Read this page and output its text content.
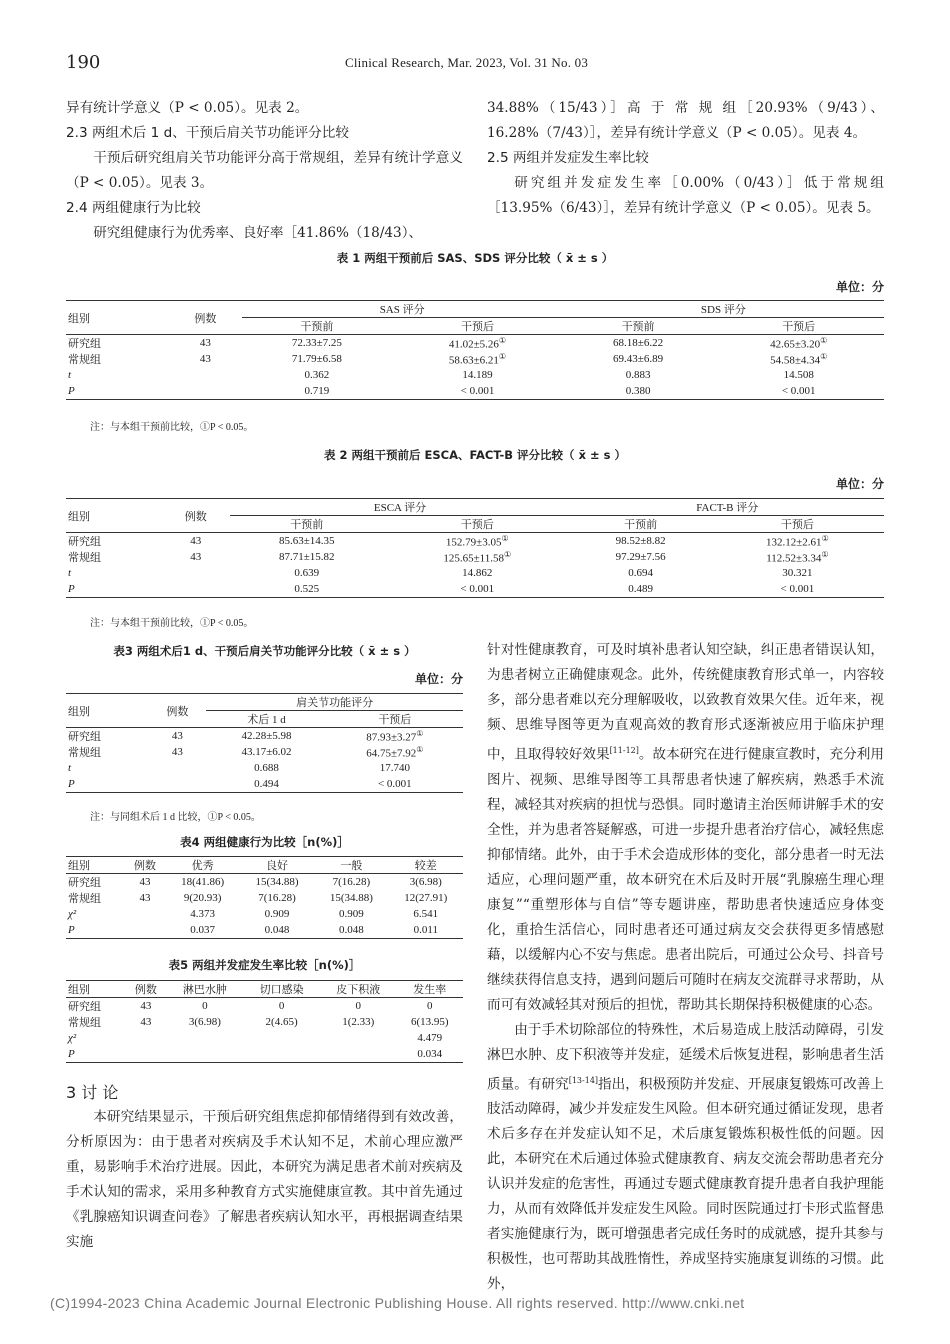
190	Clinical Research, Mar. 2023, Vol. 31 No. 03
异有统计学意义（P < 0.05）。见表 2。
2.3 两组术后 1 d、干预后肩关节功能评分比较
干预后研究组肩关节功能评分高于常规组，差异有统计学意义（P < 0.05）。见表 3。
2.4 两组健康行为比较
研究组健康行为优秀率、良好率［41.86%（18/43）、
34.88%（15/43）］高 于 常 规 组［20.93%（9/43）、16.28%（7/43）］，差异有统计学意义（P < 0.05）。见表 4。
2.5 两组并发症发生率比较
研究组并发症发生率［0.00%（0/43）］低于常规组［13.95%（6/43）］，差异有统计学意义（P < 0.05）。见表 5。
表 1 两组干预前后 SAS、SDS 评分比较（ x̄ ± s ）
单位：分
组别	例数	SAS 评分		SDS 评分	
		干预前	干预后	干预前	干预后
研究组	43	72.33±7.25	41.02±5.26①	68.18±6.22	42.65±3.20①
常规组	43	71.79±6.58	58.63±6.21①	69.43±6.89	54.58±4.34①
t		0.362	14.189	0.883	14.508
P		0.719	< 0.001	0.380	< 0.001
注：与本组干预前比较，①P < 0.05。
表 2 两组干预前后 ESCA、FACT-B 评分比较（ x̄ ± s ）
单位：分
组别	例数	ESCA 评分		FACT-B 评分	
		干预前	干预后	干预前	干预后
研究组	43	85.63±14.35	152.79±3.05①	98.52±8.82	132.12±2.61①
常规组	43	87.71±15.82	125.65±11.58①	97.29±7.56	112.52±3.34①
t		0.639	14.862	0.694	30.321
P		0.525	< 0.001	0.489	< 0.001
注：与本组干预前比较，①P < 0.05。
表3 两组术后1 d、干预后肩关节功能评分比较（ x̄ ± s ）
单位：分
组别	例数	肩关节功能评分	
		术后 1 d	干预后
研究组	43	42.28±5.98	87.93±3.27①
常规组	43	43.17±6.02	64.75±7.92①
t		0.688	17.740
P		0.494	< 0.001
注：与同组术后 1 d 比较，①P < 0.05。
表4 两组健康行为比较［n(%)］
组别	例数	优秀	良好	一般	较差
研究组	43	18(41.86)	15(34.88)	7(16.28)	3(6.98)
常规组	43	9(20.93)	7(16.28)	15(34.88)	12(27.91)
χ²		4.373	0.909	0.909	6.541
P		0.037	0.048	0.048	0.011
表5 两组并发症发生率比较［n(%)］
组别	例数	淋巴水肿	切口感染	皮下积液	发生率
研究组	43	0	0	0	0
常规组	43	3(6.98)	2(4.65)	1(2.33)	6(13.95)
χ²					4.479
P					0.034
3 讨 论
本研究结果显示，干预后研究组焦虑抑郁情绪得到有效改善，分析原因为：由于患者对疾病及手术认知不足，术前心理应激严重，易影响手术治疗进展。因此，本研究为满足患者术前对疾病及手术认知的需求，采用多种教育方式实施健康宣教。其中首先通过《乳腺癌知识调查问卷》了解患者疾病认知水平，再根据调查结果实施
针对性健康教育，可及时填补患者认知空缺，纠正患者错误认知，为患者树立正确健康观念。此外，传统健康教育形式单一，内容较多，部分患者难以充分理解吸收，以致教育效果欠佳。近年来，视频、思维导图等更为直观高效的教育形式逐渐被应用于临床护理中，且取得较好效果[11-12]。故本研究在进行健康宣教时，充分利用图片、视频、思维导图等工具帮患者快速了解疾病，熟悉手术流程，减轻其对疾病的担忧与恐惧。同时邀请主治医师讲解手术的安全性，并为患者答疑解惑，可进一步提升患者治疗信心，减轻焦虑抑郁情绪。此外，由于手术会造成形体的变化，部分患者一时无法适应，心理问题严重，故本研究在术后及时开展“乳腺癌生理心理康复”“重塑形体与自信”等专题讲座，帮助患者快速适应身体变化，重拾生活信心，同时患者还可通过病友交会获得更多情感慰藉，以缓解内心不安与焦虑。患者出院后，可通过公众号、抖音号继续获得信息支持，遇到问题后可随时在病友交流群寻求帮助，从而可有效减轻其对预后的担忧，帮助其长期保持积极健康的心态。
由于手术切除部位的特殊性，术后易造成上肢活动障碍，引发淋巴水肿、皮下积液等并发症，延缓术后恢复进程，影响患者生活质量。有研究[13-14]指出，积极预防并发症、开展康复锻炼可改善上肢活动障碍，减少并发症发生风险。但本研究通过循证发现，患者术后多存在并发症认知不足，术后康复锻炼积极性低的问题。因此，本研究在术后通过体验式健康教育、病友交流会帮助患者充分认识并发症的危害性，再通过专题式健康教育提升患者自我护理能力，从而有效降低并发症发生风险。同时医院通过打卡形式监督患者实施健康行为，既可增强患者完成任务时的成就感，提升其参与积极性，也可帮助其战胜惰性，养成坚持实施康复训练的习惯。此外，
(C)1994-2023 China Academic Journal Electronic Publishing House. All rights reserved. http://www.cnki.net
